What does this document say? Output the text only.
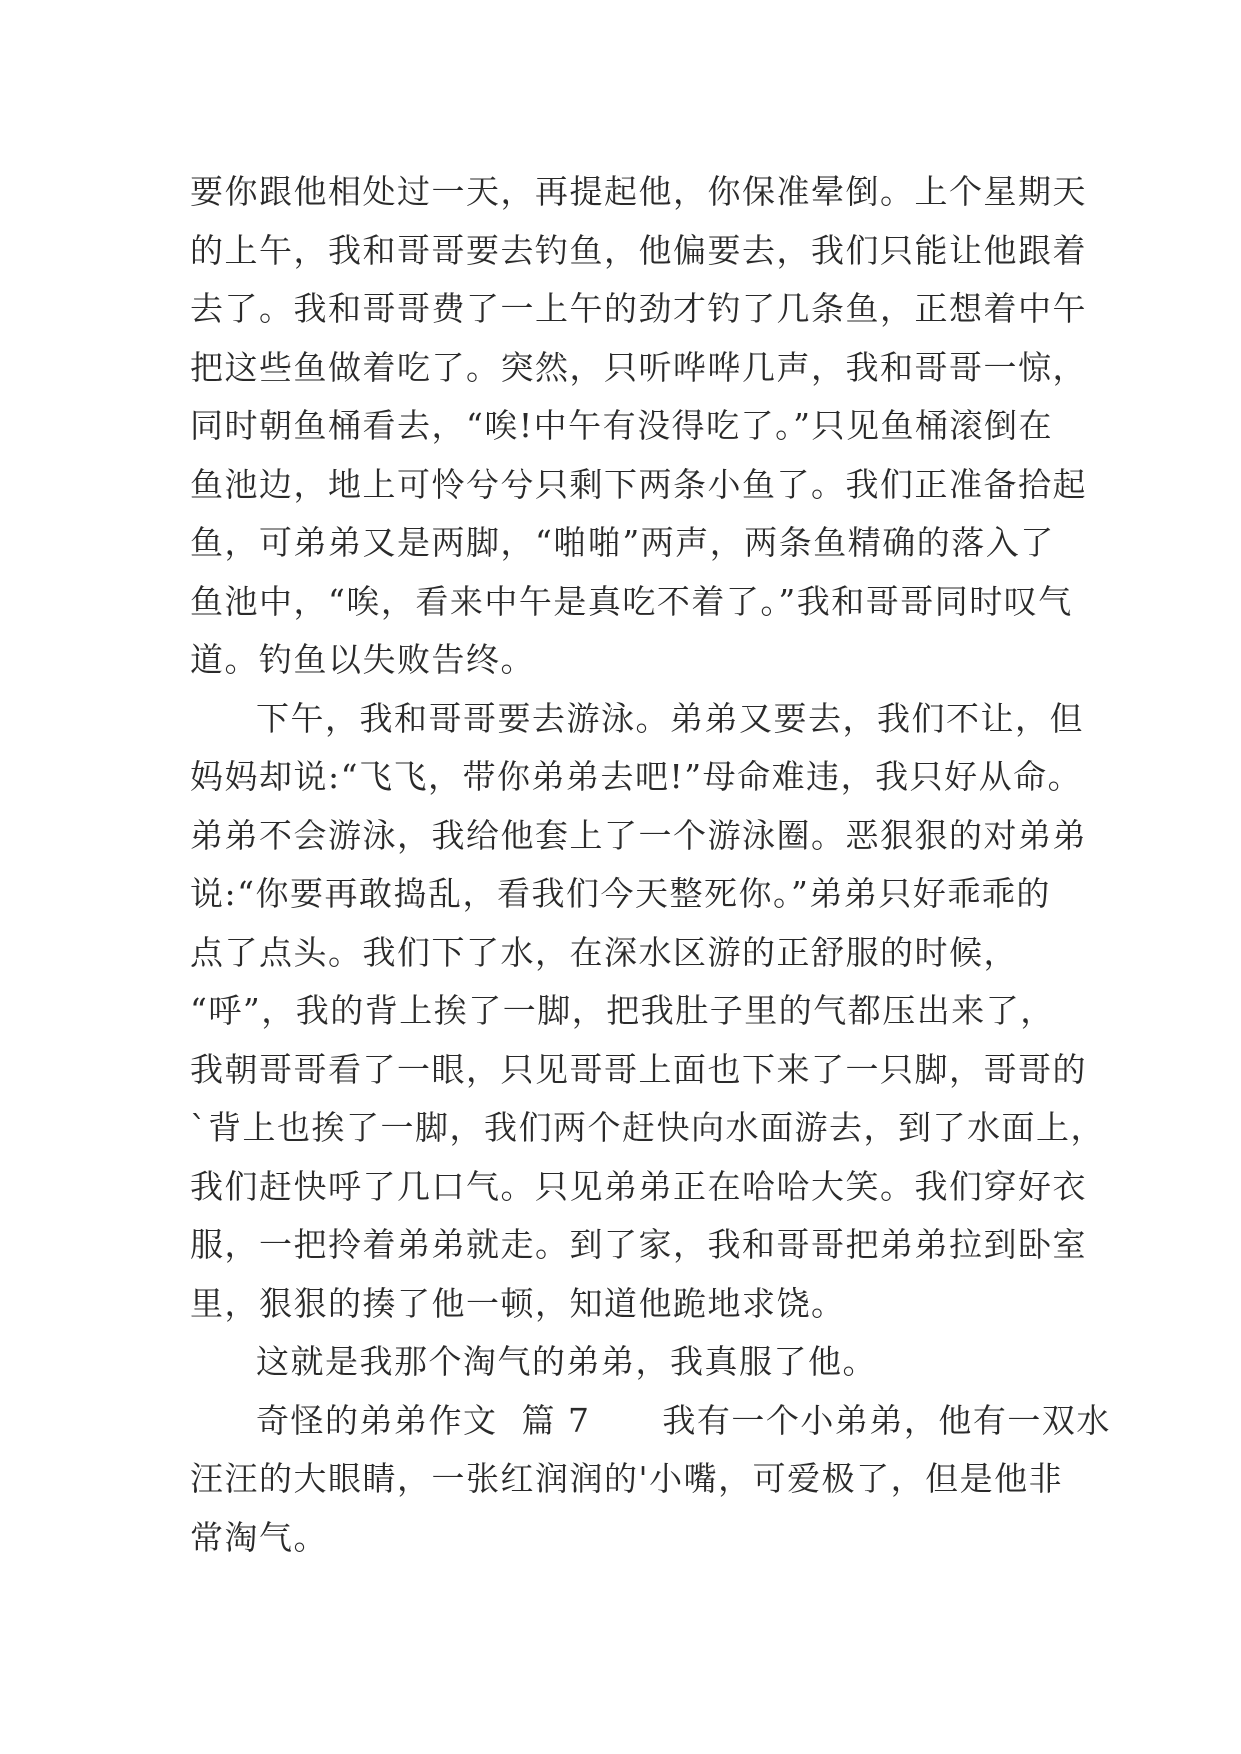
要你跟他相处过一天，再提起他，你保准晕倒。上个星期天
的上午，我和哥哥要去钓鱼，他偏要去，我们只能让他跟着
去了。我和哥哥费了一上午的劲才钓了几条鱼，正想着中午
把这些鱼做着吃了。突然，只听哗哗几声，我和哥哥一惊，
同时朝鱼桶看去，“唉!中午有没得吃了。”只见鱼桶滚倒在
鱼池边，地上可怜兮兮只剩下两条小鱼了。我们正准备拾起
鱼，可弟弟又是两脚，“啪啪”两声，两条鱼精确的落入了
鱼池中，“唉，看来中午是真吃不着了。”我和哥哥同时叹气
道。钓鱼以失败告终。
下午，我和哥哥要去游泳。弟弟又要去，我们不让，但
妈妈却说:“飞飞，带你弟弟去吧!”母命难违，我只好从命。
弟弟不会游泳，我给他套上了一个游泳圈。恶狠狠的对弟弟
说:“你要再敢捣乱，看我们今天整死你。”弟弟只好乖乖的
点了点头。我们下了水，在深水区游的正舒服的时候，
“呼”，我的背上挨了一脚，把我肚子里的气都压出来了，
我朝哥哥看了一眼，只见哥哥上面也下来了一只脚，哥哥的
`背上也挨了一脚，我们两个赶快向水面游去，到了水面上，
我们赶快呼了几口气。只见弟弟正在哈哈大笑。我们穿好衣
服，一把拎着弟弟就走。到了家，我和哥哥把弟弟拉到卧室
里，狠狠的揍了他一顿，知道他跪地求饶。
这就是我那个淘气的弟弟，我真服了他。
奇怪的弟弟作文  篇 7      我有一个小弟弟，他有一双水
汪汪的大眼睛，一张红润润的'小嘴，可爱极了，但是他非
常淘气。
